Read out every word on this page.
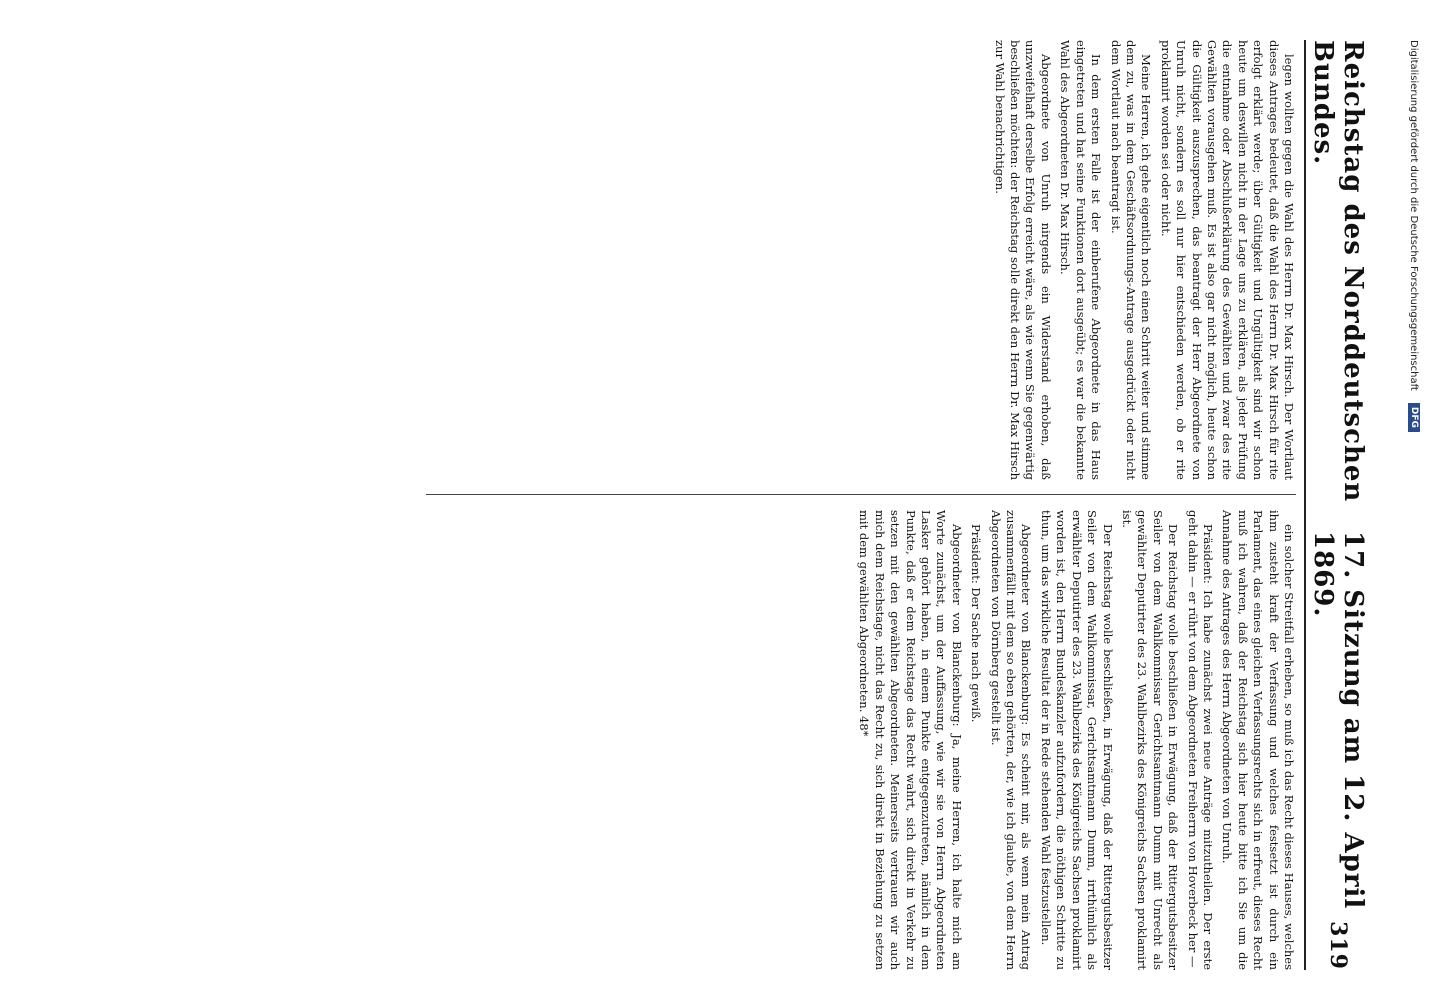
Reichstag des Norddeutschen Bundes.
17. Sitzung am 12. April 1869.
319

legen wollten gegen die Wahl des Herrn Dr. Max Hirsch. Der Wortlaut dieses Antrages bedeutet, daß die Wahl des Herrn Dr. Max Hirsch für rite erfolgt erklärt werde; über Gültigkeit und Ungültigkeit sind wir schon heute um deswillen nicht in der Lage uns zu erklären, als jeder Prüfung die entnahme oder Abschlußerklärung des Gewählten und zwar des rite Gewählten vorausgehen muß. Es ist also gar nicht möglich, heute schon die Gültigkeit auszusprechen, das beantragt der Herr Abgeordnete von Unruh nicht, sondern es soll nur hier entschieden werden, ob er rite proklamirt worden sei oder nicht.

Meine Herren, ich gehe eigentlich noch einen Schritt weiter und stimme dem zu, was in dem Geschäftsordnungs-Antrage ausgedrückt oder nicht dem Wortlaut nach beantragt ist.

In dem ersten Falle ist der einberufene Abgeordnete in das Haus eingetreten und hat seine Funktionen dort ausgeübt; es war die bekannte Wahl des Abgeordneten Dr. Max Hirsch.

Abgeordnete von Unruh nirgends ein Widerstand erhoben, daß unzweifelhaft derselbe Erfolg erreicht wäre, als wie wenn Sie gegenwärtig beschließen möchten: der Reichstag solle direkt den Herrn Dr. Max Hirsch zur Wahl benachrichtigen.

ein solcher Streitfall erheben, so muß ich das Recht dieses Hauses, welches ihm zusteht kraft der Verfassung und welches festsetzt ist durch ein Parlament, das eines gleichen Verfassungsrechts sich in erfreut, dieses Recht muß ich wahren, daß der Reichstag sich hier heute bitte ich Sie um die Annahme des Antrages des Herrn Abgeordneten von Unruh.

Präsident: Ich habe zunächst zwei neue Anträge mitzutheilen. Der erste geht dahin — er rührt von dem Abgeordneten Freiherrn von Hoverbeck her —

Der Reichstag wolle beschließen in Erwägung, daß der Rittergutsbesitzer Seiler von dem Wahlkommissar Gerichtsamtmann Dumm mit Unrecht als gewählter Deputirter des 23. Wahlbezirks des Königreichs Sachsen proklamirt ist.

Der Reichstag wolle beschließen, in Erwägung, daß der Rittergutsbesitzer Seiler von dem Wahlkommissar, Gerichtsamtmann Dumm, irrthümlich als erwählter Deputirter des 23. Wahlbezirks des Königreichs Sachsen proklamirt worden ist, den Herrn Bundeskanzler aufzufordern, die nöthigen Schritte zu thun, um das wirkliche Resultat der in Rede stehenden Wahl festzustellen.

Abgeordneter von Blanckenburg: Es scheint mir, als wenn mein Antrag zusammenfällt mit dem so eben gehörten, der, wie ich glaube, von dem Herrn Abgeordneten von Dörnberg gestellt ist.

Präsident: Der Sache nach gewiß.

Abgeordneter von Blanckenburg: Ja, meine Herren, ich halte mich am Worte zunächst, um der Auffassung, wie wir sie von Herrn Abgeordneten Lasker gehört haben, in einem Punkte entgegenzutreten, nämlich in dem Punkte, daß er dem Reichstage das Recht wahrt, sich direkt in Verkehr zu setzen mit den gewählten Abgeordneten. Meinerseits vertrauen wir auch mich dem Reichstage, nicht das Recht zu, sich direkt in Beziehung zu setzen mit dem gewählten Abgeordneten. 48*

Digitalisierung gefördert durch die Deutsche Forschungsgemeinschaft
DFG
